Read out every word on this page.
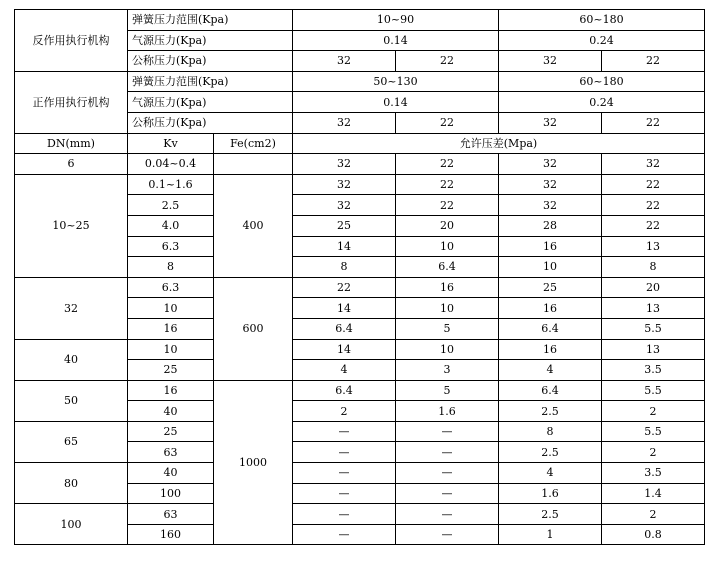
反作用执行机构	弹簧压力范围(Kpa)		10~90		60~180	
	气源压力(Kpa)		0.14		0.24	
	公称压力(Kpa)		32	22	32	22
正作用执行机构	弹簧压力范围(Kpa)		50~130		60~180	
	气源压力(Kpa)		0.14		0.24	
	公称压力(Kpa)		32	22	32	22
DN(mm)	Kv	Fe(cm2)	允许压差(Mpa)			
6	0.04~0.4		32	22	32	32
10~25	0.1~1.6	400	32	22	32	22
	2.5		32	22	32	22
	4.0		25	20	28	22
	6.3		14	10	16	13
	8		8	6.4	10	8
32	6.3	600	22	16	25	20
	10		14	10	16	13
	16		6.4	5	6.4	5.5
40	10		14	10	16	13
	25		4	3	4	3.5
50	16	1000	6.4	5	6.4	5.5
	40		2	1.6	2.5	2
65	25		—	—	8	5.5
	63		—	—	2.5	2
80	40		—	—	4	3.5
	100		—	—	1.6	1.4
100	63		—	—	2.5	2
	160		—	—	1	0.8
